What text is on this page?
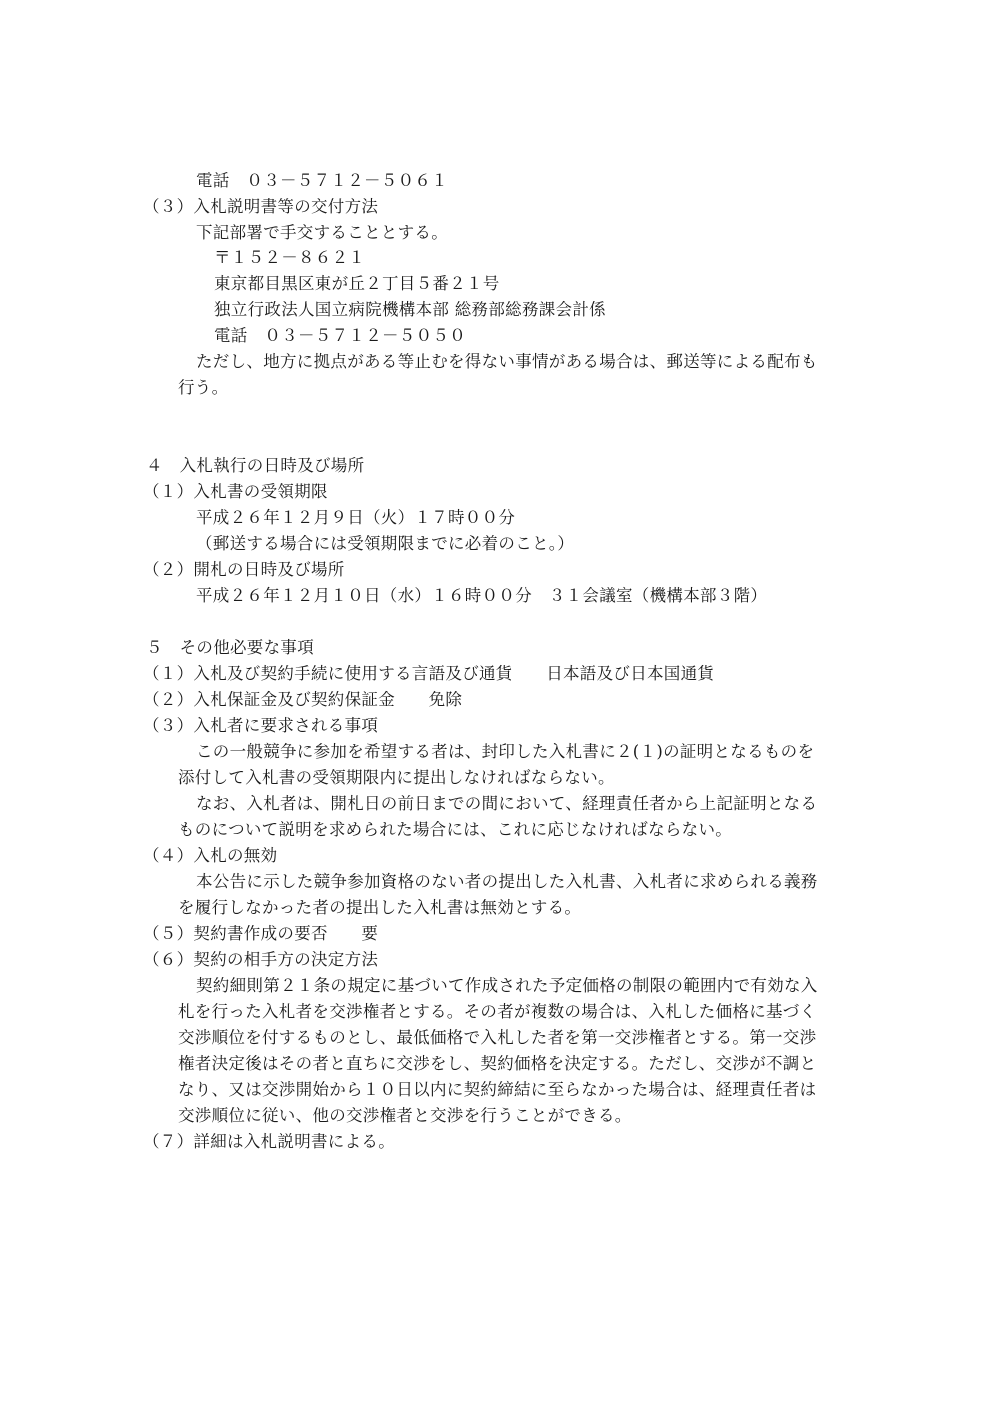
電話　０３－５７１２－５０６１
（３）入札説明書等の交付方法
下記部署で手交することとする。
〒１５２－８６２１
東京都目黒区東が丘２丁目５番２１号
独立行政法人国立病院機構本部 総務部総務課会計係
電話　０３－５７１２－５０５０
ただし、地方に拠点がある等止むを得ない事情がある場合は、郵送等による配布も
行う。
４　入札執行の日時及び場所
（１）入札書の受領期限
平成２６年１２月９日（火）１７時００分
（郵送する場合には受領期限までに必着のこと。）
（２）開札の日時及び場所
平成２６年１２月１０日（水）１６時００分　３１会議室（機構本部３階）
５　その他必要な事項
（１）入札及び契約手続に使用する言語及び通貨　　日本語及び日本国通貨
（２）入札保証金及び契約保証金　　免除
（３）入札者に要求される事項
この一般競争に参加を希望する者は、封印した入札書に２(１)の証明となるものを
添付して入札書の受領期限内に提出しなければならない。
なお、入札者は、開札日の前日までの間において、経理責任者から上記証明となる
ものについて説明を求められた場合には、これに応じなければならない。
（４）入札の無効
本公告に示した競争参加資格のない者の提出した入札書、入札者に求められる義務
を履行しなかった者の提出した入札書は無効とする。
（５）契約書作成の要否　　要
（６）契約の相手方の決定方法
契約細則第２１条の規定に基づいて作成された予定価格の制限の範囲内で有効な入
札を行った入札者を交渉権者とする。その者が複数の場合は、入札した価格に基づく
交渉順位を付するものとし、最低価格で入札した者を第一交渉権者とする。第一交渉
権者決定後はその者と直ちに交渉をし、契約価格を決定する。ただし、交渉が不調と
なり、又は交渉開始から１０日以内に契約締結に至らなかった場合は、経理責任者は
交渉順位に従い、他の交渉権者と交渉を行うことができる。
（７）詳細は入札説明書による。
